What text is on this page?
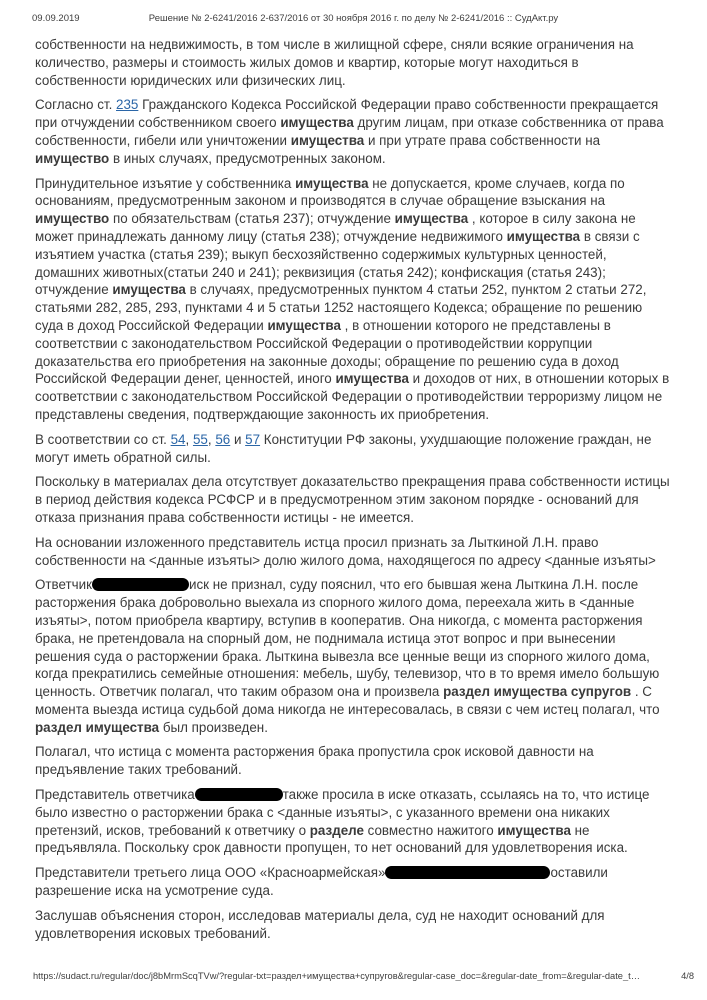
09.09.2019	Решение № 2-6241/2016 2-637/2016 от 30 ноября 2016 г. по делу № 2-6241/2016 :: СудАкт.ру

собственности на недвижимость, в том числе в жилищной сфере, сняли всякие ограничения на количество, размеры и стоимость жилых домов и квартир, которые могут находиться в собственности юридических или физических лиц.

Согласно ст. 235 Гражданского Кодекса Российской Федерации право собственности прекращается при отчуждении собственником своего имущества другим лицам, при отказе собственника от права собственности, гибели или уничтожении имущества и при утрате права собственности на имущество в иных случаях, предусмотренных законом.

Принудительное изъятие у собственника имущества не допускается, кроме случаев, когда по основаниям, предусмотренным законом и производятся в случае обращение взыскания на имущество по обязательствам (статья 237); отчуждение имущества , которое в силу закона не может принадлежать данному лицу (статья 238); отчуждение недвижимого имущества в связи с изъятием участка (статья 239); выкуп бесхозяйственно содержимых культурных ценностей, домашних животных(статьи 240 и 241); реквизиция (статья 242); конфискация (статья 243); отчуждение имущества в случаях, предусмотренных пунктом 4 статьи 252, пунктом 2 статьи 272, статьями 282, 285, 293, пунктами 4 и 5 статьи 1252 настоящего Кодекса; обращение по решению суда в доход Российской Федерации имущества , в отношении которого не представлены в соответствии с законодательством Российской Федерации о противодействии коррупции доказательства его приобретения на законные доходы; обращение по решению суда в доход Российской Федерации денег, ценностей, иного имущества и доходов от них, в отношении которых в соответствии с законодательством Российской Федерации о противодействии терроризму лицом не представлены сведения, подтверждающие законность их приобретения.

В соответствии со ст. 54, 55, 56 и 57 Конституции РФ законы, ухудшающие положение граждан, не могут иметь обратной силы.

Поскольку в материалах дела отсутствует доказательство прекращения права собственности истицы в период действия кодекса РСФСР и в предусмотренном этим законом порядке - оснований для отказа признания права собственности истицы - не имеется.

На основании изложенного представитель истца просил признать за Лыткиной Л.Н. право собственности на <данные изъяты> долю жилого дома, находящегося по адресу <данные изъяты>

Ответчик	иск не признал, суду пояснил, что его бывшая жена Лыткина Л.Н. после расторжения брака добровольно выехала из спорного жилого дома, переехала жить в <данные изъяты>, потом приобрела квартиру, вступив в кооператив. Она никогда, с момента расторжения брака, не претендовала на спорный дом, не поднимала истица этот вопрос и при вынесении решения суда о расторжении брака. Лыткина вывезла все ценные вещи из спорного жилого дома, когда прекратились семейные отношения: мебель, шубу, телевизор, что в то время имело большую ценность. Ответчик полагал, что таким образом она и произвела раздел имущества супругов . С момента выезда истица судьбой дома никогда не интересовалась, в связи с чем истец полагал, что раздел имущества был произведен.

Полагал, что истица с момента расторжения брака пропустила срок исковой давности на предъявление таких требований.

Представитель ответчика	также просила в иске отказать, ссылаясь на то, что истице было известно о расторжении брака с <данные изъяты>, с указанного времени она никаких претензий, исков, требований к ответчику о разделе совместно нажитого имущества не предъявляла. Поскольку срок давности пропущен, то нет оснований для удовлетворения иска.

Представители третьего лица ООО «Красноармейская»	оставили разрешение иска на усмотрение суда.

Заслушав объяснения сторон, исследовав материалы дела, суд не находит оснований для удовлетворения исковых требований.

https://sudact.ru/regular/doc/j8bMrmScqTVw/?regular-txt=раздел+имущества+супругов&regular-case_doc=&regular-date_from=&regular-date_t…	4/8
